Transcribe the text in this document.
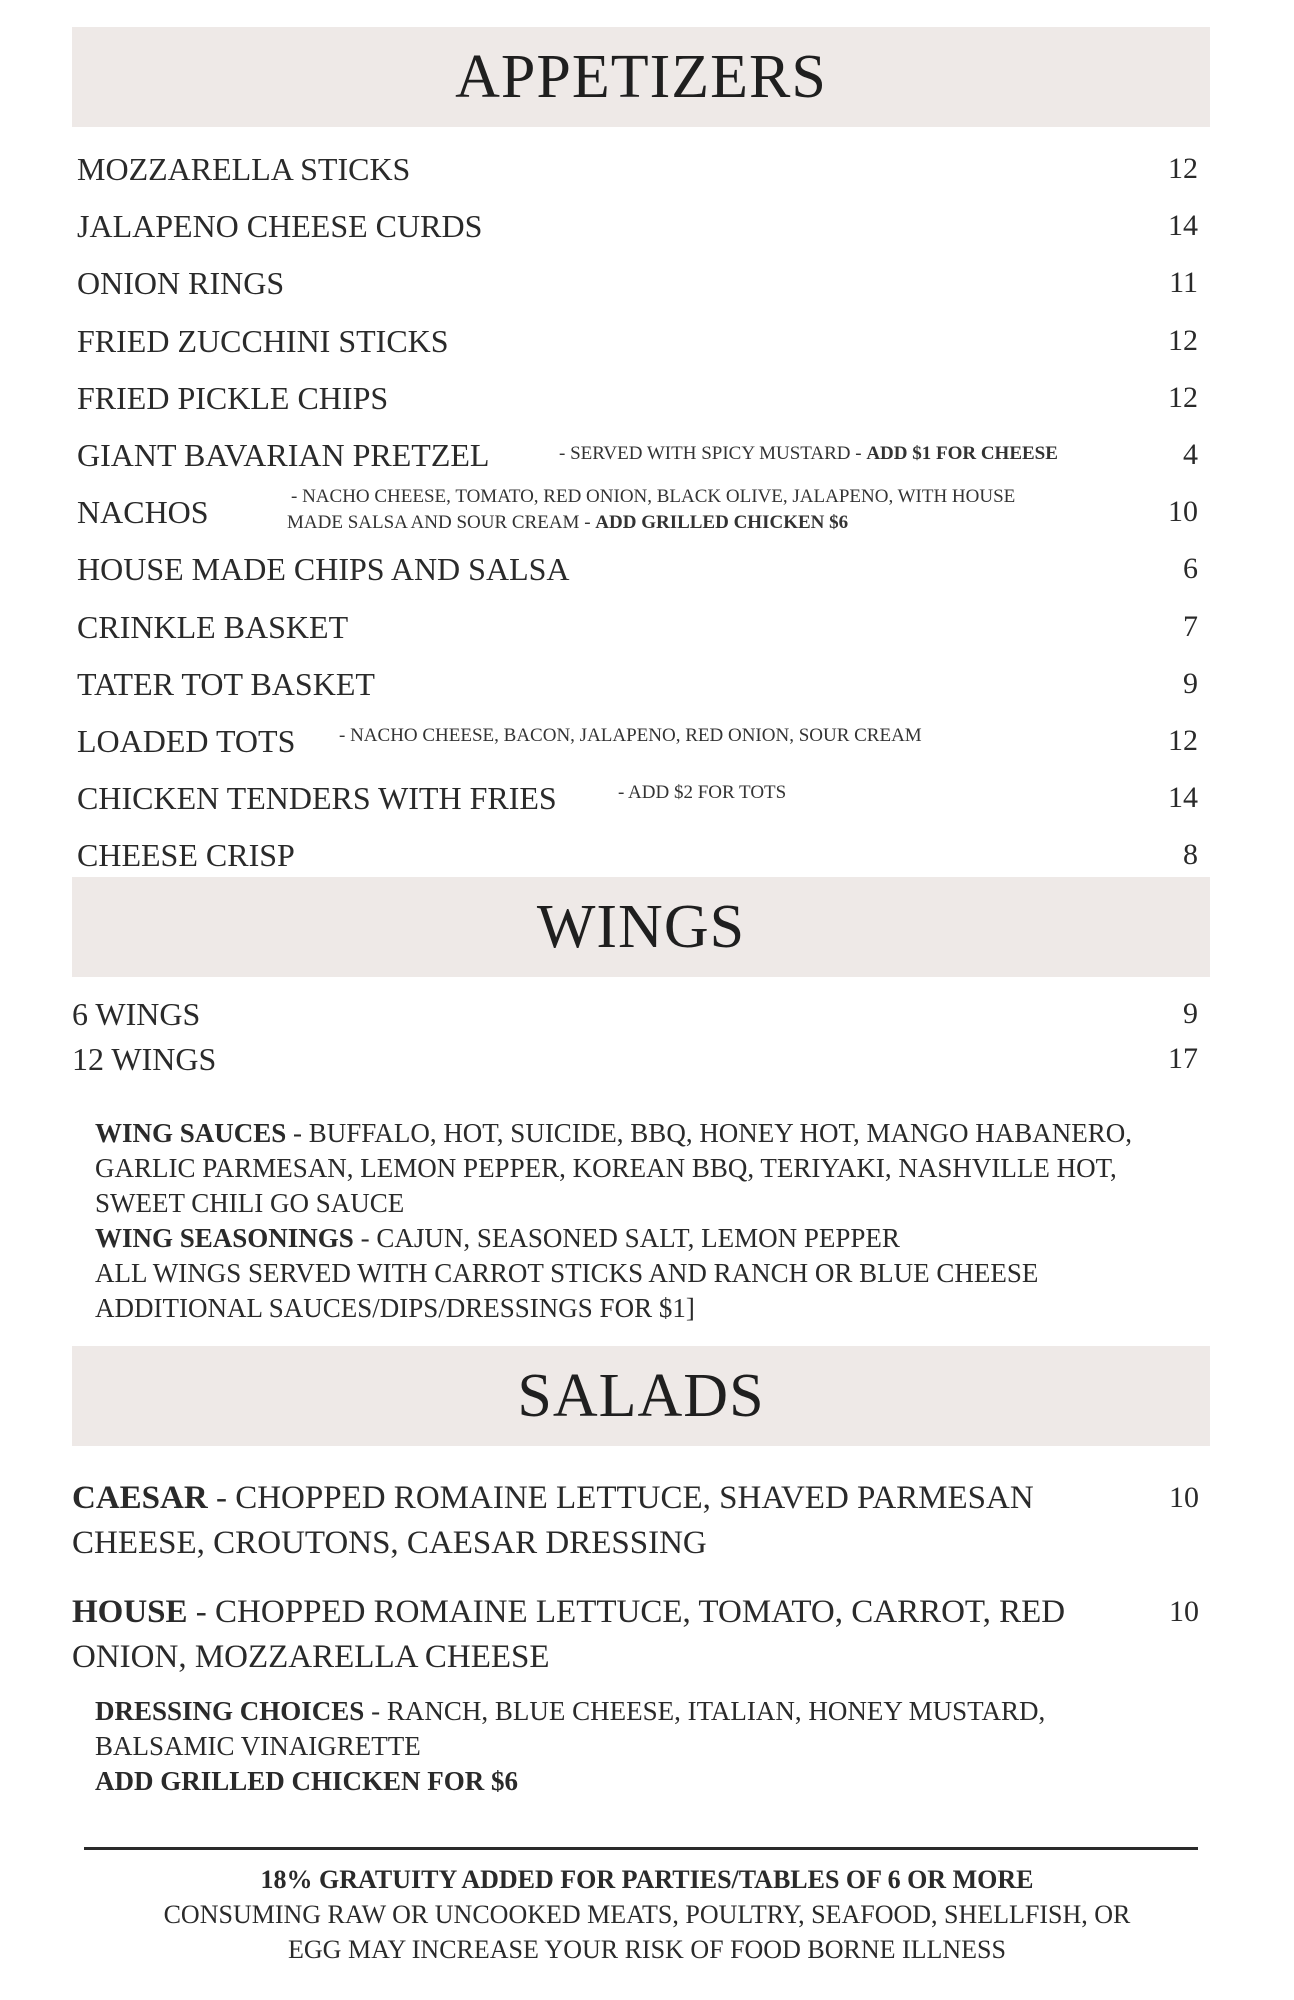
APPETIZERS
MOZZARELLA STICKS	12
JALAPENO CHEESE CURDS	14
ONION RINGS	11
FRIED ZUCCHINI STICKS	12
FRIED PICKLE CHIPS	12
GIANT BAVARIAN PRETZEL	- SERVED WITH SPICY MUSTARD - ADD $1 FOR CHEESE	4
NACHOS	- NACHO CHEESE, TOMATO, RED ONION, BLACK OLIVE, JALAPENO, WITH HOUSE
MADE SALSA AND SOUR CREAM - ADD GRILLED CHICKEN $6	10
HOUSE MADE CHIPS AND SALSA	6
CRINKLE BASKET	7
TATER TOT BASKET	9
LOADED TOTS - NACHO CHEESE, BACON, JALAPENO, RED ONION, SOUR CREAM	12
CHICKEN TENDERS WITH FRIES	- ADD $2 FOR TOTS	14
CHEESE CRISP	8
WINGS
6 WINGS	9
12 WINGS	17
WING SAUCES - BUFFALO, HOT, SUICIDE, BBQ, HONEY HOT, MANGO HABANERO,
GARLIC PARMESAN, LEMON PEPPER, KOREAN BBQ, TERIYAKI, NASHVILLE HOT,
SWEET CHILI GO SAUCE
WING SEASONINGS - CAJUN, SEASONED SALT, LEMON PEPPER
ALL WINGS SERVED WITH CARROT STICKS AND RANCH OR BLUE CHEESE
ADDITIONAL SAUCES/DIPS/DRESSINGS FOR $1]
SALADS
CAESAR - CHOPPED ROMAINE LETTUCE, SHAVED PARMESAN
CHEESE, CROUTONS, CAESAR DRESSING
10
HOUSE - CHOPPED ROMAINE LETTUCE, TOMATO, CARROT, RED
ONION, MOZZARELLA CHEESE
10
DRESSING CHOICES - RANCH, BLUE CHEESE, ITALIAN, HONEY MUSTARD,
BALSAMIC VINAIGRETTE
ADD GRILLED CHICKEN FOR $6
18% GRATUITY ADDED FOR PARTIES/TABLES OF 6 OR MORE
CONSUMING RAW OR UNCOOKED MEATS, POULTRY, SEAFOOD, SHELLFISH, OR
EGG MAY INCREASE YOUR RISK OF FOOD BORNE ILLNESS
